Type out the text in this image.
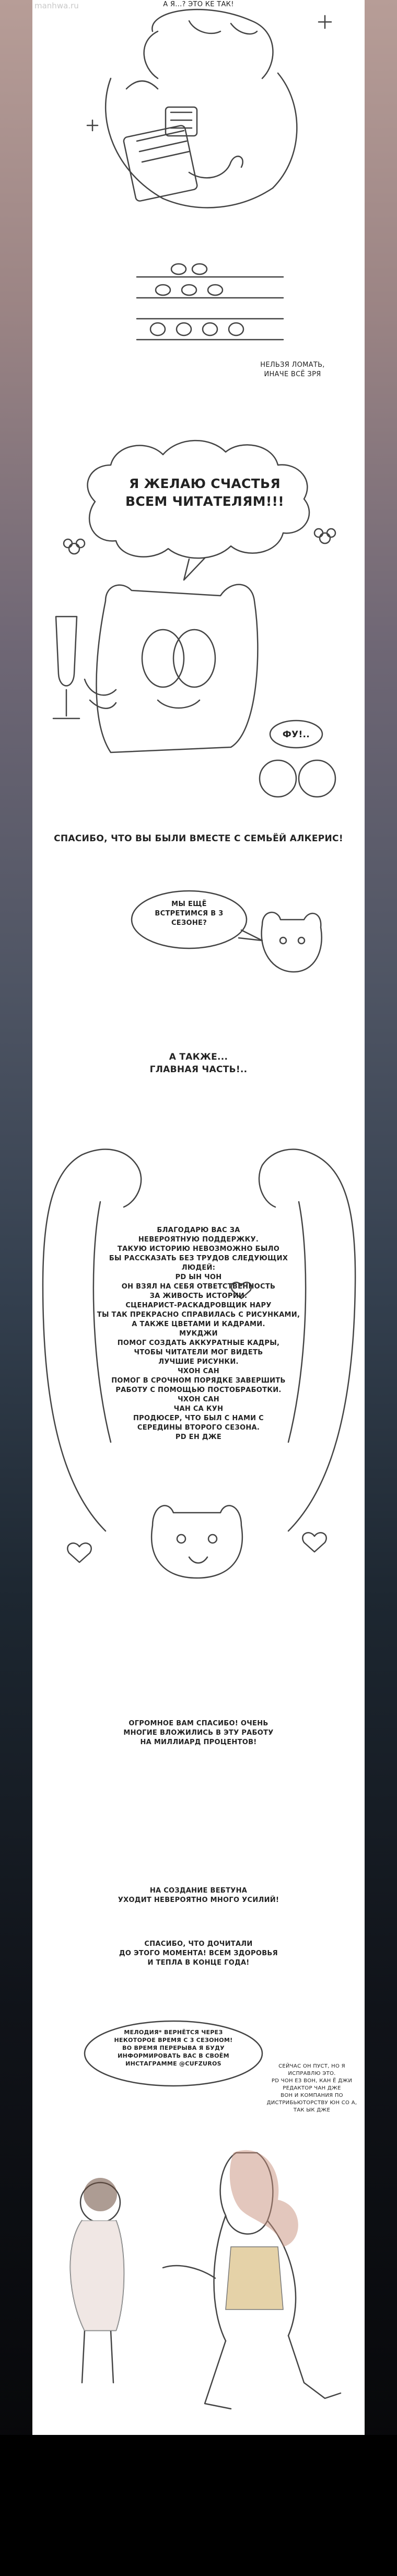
manhwa.ru	А Я...? ЭТО КЕ ТАК!
НЕЛЬЗЯ ЛОМАТЬ,
ИНАЧЕ ВСЁ ЗРЯ
Я ЖЕЛАЮ СЧАСТЬЯ
ВСЕМ ЧИТАТЕЛЯМ!!!
ФУ!..
СПАСИБО, ЧТО ВЫ БЫЛИ ВМЕСТЕ С СЕМЬЁЙ АЛКЕРИС!
МЫ ЕЩЁ
ВСТРЕТИМСЯ В 3
СЕЗОНЕ?
А ТАКЖЕ...
ГЛАВНАЯ ЧАСТЬ!..
БЛАГОДАРЮ ВАС ЗА
НЕВЕРОЯТНУЮ ПОДДЕРЖКУ.
ТАКУЮ ИСТОРИЮ НЕВОЗМОЖНО БЫЛО
БЫ РАССКАЗАТЬ БЕЗ ТРУДОВ СЛЕДУЮЩИХ
ЛЮДЕЙ:
PD ЫН ЧОН
ОН ВЗЯЛ НА СЕБЯ ОТВЕТСТВЕННОСТЬ
ЗА ЖИВОСТЬ ИСТОРИИ.
СЦЕНАРИСТ-РАСКАДРОВЩИК НАРУ
ТЫ ТАК ПРЕКРАСНО СПРАВИЛАСЬ С РИСУНКАМИ,
А ТАКЖЕ ЦВЕТАМИ И КАДРАМИ.
МУКДЖИ
ПОМОГ СОЗДАТЬ АККУРАТНЫЕ КАДРЫ,
ЧТОБЫ ЧИТАТЕЛИ МОГ ВИДЕТЬ
ЛУЧШИЕ РИСУНКИ.
ЧХОН САН
ПОМОГ В СРОЧНОМ ПОРЯДКЕ ЗАВЕРШИТЬ
РАБОТУ С ПОМОЩЬЮ ПОСТОБРАБОТКИ.
ЧХОН САН
ЧАН СА КУН
ПРОДЮСЕР, ЧТО БЫЛ С НАМИ С
СЕРЕДИНЫ ВТОРОГО СЕЗОНА.
PD ЕН ДЖЕ
ОГРОМНОЕ ВАМ СПАСИБО! ОЧЕНЬ
МНОГИЕ ВЛОЖИЛИСЬ В ЭТУ РАБОТУ
НА МИЛЛИАРД ПРОЦЕНТОВ!
НА СОЗДАНИЕ ВЕБТУНА
УХОДИТ НЕВЕРОЯТНО МНОГО УСИЛИЙ!
СПАСИБО, ЧТО ДОЧИТАЛИ
ДО ЭТОГО МОМЕНТА! ВСЕМ ЗДОРОВЬЯ
И ТЕПЛА В КОНЦЕ ГОДА!
МЕЛОДИЯ* ВЕРНЁТСЯ ЧЕРЕЗ
НЕКОТОРОЕ ВРЕМЯ С 3 СЕЗОНОМ!
ВО ВРЕМЯ ПЕРЕРЫВА Я БУДУ
ИНФОРМИРОВАТЬ ВАС В СВОЁМ
ИНСТАГРАММЕ @CUFZUROS	СЕЙЧАС ОН ПУСТ, НО Я
ИСПРАВЛЮ ЭТО.
PD ЧОН ЕЗ ВОН, КАН Ё ДЖИ
РЕДАКТОР ЧАН ДЖЕ
ВОН И КОМПАНИЯ ПО
ДИСТРИБЬЮТОРСТВУ ЮН СО А,
ТАК ЫК ДЖЕ
